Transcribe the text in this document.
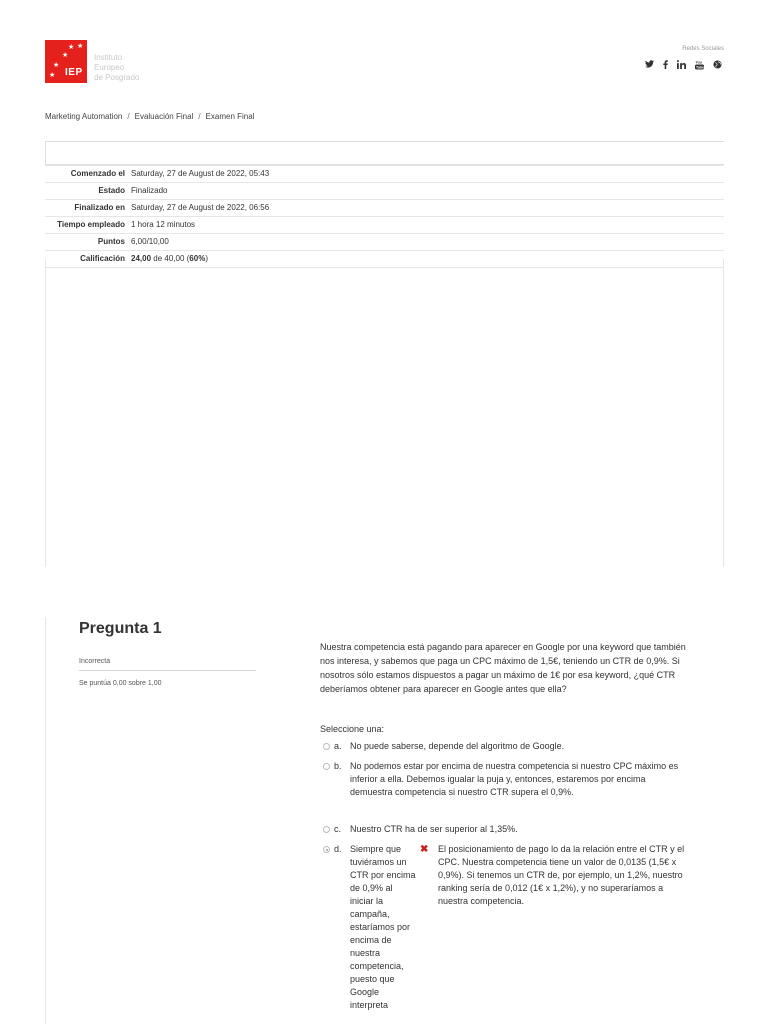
★ ★
★
★
★ IEP
Instituto
Europeo
de Posgrado
Redes Sociales
You
Tube
Marketing Automation / Evaluación Final / Examen Final
Comenzado el	Saturday, 27 de August de 2022, 05:43
Estado	Finalizado
Finalizado en	Saturday, 27 de August de 2022, 06:56
Tiempo empleado	1 hora 12 minutos
Puntos	6,00/10,00
Calificación	24,00 de 40,00 (60%)
Pregunta 1
Incorrecta
Se puntúa 0,00 sobre 1,00
Nuestra competencia está pagando para aparecer en Google por una keyword que también nos interesa, y sabemos que paga un CPC máximo de 1,5€, teniendo un CTR de 0,9%. Si nosotros sólo estamos dispuestos a pagar un máximo de 1€ por esa keyword, ¿qué CTR deberíamos obtener para aparecer en Google antes que ella?
Seleccione una:
a. No puede saberse, depende del algoritmo de Google.
b. No podemos estar por encima de nuestra competencia si nuestro CPC máximo es inferior a ella. Debemos igualar la puja y, entonces, estaremos por encima demuestra competencia si nuestro CTR supera el 0,9%.
c. Nuestro CTR ha de ser superior al 1,35%.
d. Siempre que tuviéramos un CTR por encima de 0,9% al iniciar la campaña, estaríamos por encima de nuestra competencia, puesto que Google interpreta
✖	El posicionamiento de pago lo da la relación entre el CTR y el CPC. Nuestra competencia tiene un valor de 0,0135 (1,5€ x 0,9%). Si tenemos un CTR de, por ejemplo, un 1,2%, nuestro ranking sería de 0,012 (1€ x 1,2%), y no superaríamos a nuestra competencia.
